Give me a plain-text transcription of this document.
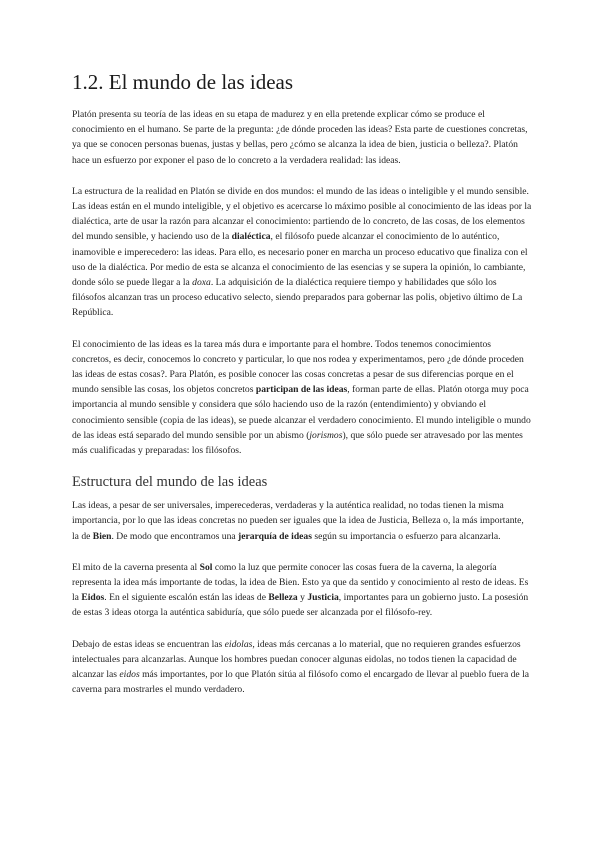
1.2. El mundo de las ideas

Platón presenta su teoría de las ideas en su etapa de madurez y en ella pretende explicar cómo se produce el conocimiento en el humano. Se parte de la pregunta: ¿de dónde proceden las ideas? Esta parte de cuestiones concretas, ya que se conocen personas buenas, justas y bellas, pero ¿cómo se alcanza la idea de bien, justicia o belleza?. Platón hace un esfuerzo por exponer el paso de lo concreto a la verdadera realidad: las ideas.

La estructura de la realidad en Platón se divide en dos mundos: el mundo de las ideas o inteligible y el mundo sensible. Las ideas están en el mundo inteligible, y el objetivo es acercarse lo máximo posible al conocimiento de las ideas por la dialéctica, arte de usar la razón para alcanzar el conocimiento: partiendo de lo concreto, de las cosas, de los elementos del mundo sensible, y haciendo uso de la dialéctica, el filósofo puede alcanzar el conocimiento de lo auténtico, inamovible e imperecedero: las ideas. Para ello, es necesario poner en marcha un proceso educativo que finaliza con el uso de la dialéctica. Por medio de esta se alcanza el conocimiento de las esencias y se supera la opinión, lo cambiante, donde sólo se puede llegar a la doxa. La adquisición de la dialéctica requiere tiempo y habilidades que sólo los filósofos alcanzan tras un proceso educativo selecto, siendo preparados para gobernar las polis, objetivo último de La República.

El conocimiento de las ideas es la tarea más dura e importante para el hombre. Todos tenemos conocimientos concretos, es decir, conocemos lo concreto y particular, lo que nos rodea y experimentamos, pero ¿de dónde proceden las ideas de estas cosas?. Para Platón, es posible conocer las cosas concretas a pesar de sus diferencias porque en el mundo sensible las cosas, los objetos concretos participan de las ideas, forman parte de ellas. Platón otorga muy poca importancia al mundo sensible y considera que sólo haciendo uso de la razón (entendimiento) y obviando el conocimiento sensible (copia de las ideas), se puede alcanzar el verdadero conocimiento. El mundo inteligible o mundo de las ideas está separado del mundo sensible por un abismo (jorismos), que sólo puede ser atravesado por las mentes más cualificadas y preparadas: los filósofos.

Estructura del mundo de las ideas

Las ideas, a pesar de ser universales, imperecederas, verdaderas y la auténtica realidad, no todas tienen la misma importancia, por lo que las ideas concretas no pueden ser iguales que la idea de Justicia, Belleza o, la más importante, la de Bien. De modo que encontramos una jerarquía de ideas según su importancia o esfuerzo para alcanzarla.

El mito de la caverna presenta al Sol como la luz que permite conocer las cosas fuera de la caverna, la alegoría representa la idea más importante de todas, la idea de Bien. Esto ya que da sentido y conocimiento al resto de ideas. Es la Eidos. En el siguiente escalón están las ideas de Belleza y Justicia, importantes para un gobierno justo. La posesión de estas 3 ideas otorga la auténtica sabiduría, que sólo puede ser alcanzada por el filósofo-rey.

Debajo de estas ideas se encuentran las eidolas, ideas más cercanas a lo material, que no requieren grandes esfuerzos intelectuales para alcanzarlas. Aunque los hombres puedan conocer algunas eidolas, no todos tienen la capacidad de alcanzar las eidos más importantes, por lo que Platón sitúa al filósofo como el encargado de llevar al pueblo fuera de la caverna para mostrarles el mundo verdadero.
